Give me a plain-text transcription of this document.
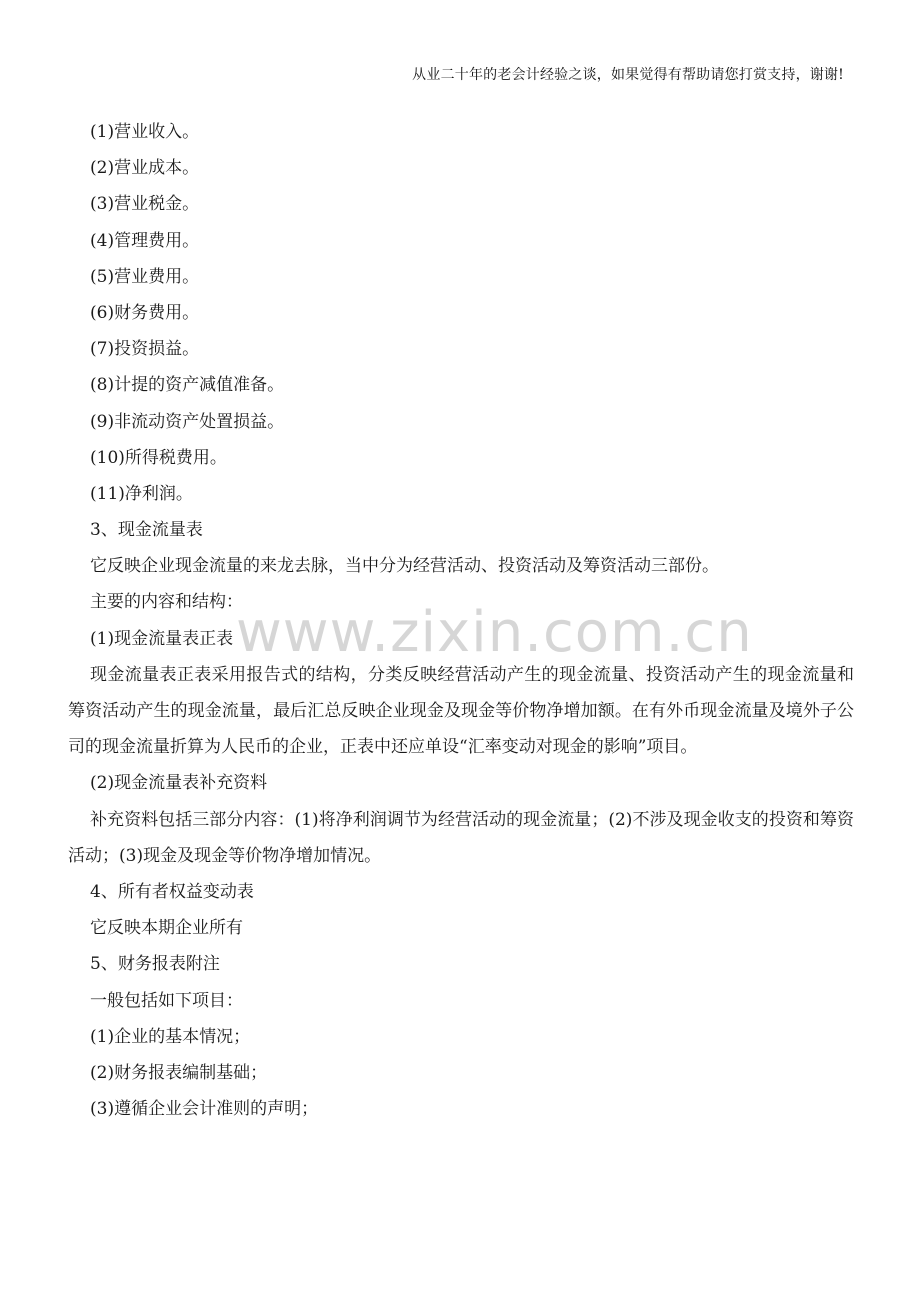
从业二十年的老会计经验之谈，如果觉得有帮助请您打赏支持，谢谢!
www.zixin.com.cn
(1)营业收入。
(2)营业成本。
(3)营业税金。
(4)管理费用。
(5)营业费用。
(6)财务费用。
(7)投资损益。
(8)计提的资产减值准备。
(9)非流动资产处置损益。
(10)所得税费用。
(11)净利润。
3、现金流量表
它反映企业现金流量的来龙去脉，当中分为经营活动、投资活动及筹资活动三部份。
主要的内容和结构：
(1)现金流量表正表
现金流量表正表采用报告式的结构，分类反映经营活动产生的现金流量、投资活动产生的现金流量和筹资活动产生的现金流量，最后汇总反映企业现金及现金等价物净增加额。在有外币现金流量及境外子公司的现金流量折算为人民币的企业，正表中还应单设“汇率变动对现金的影响”项目。
(2)现金流量表补充资料
补充资料包括三部分内容：(1)将净利润调节为经营活动的现金流量；(2)不涉及现金收支的投资和筹资活动；(3)现金及现金等价物净增加情况。
4、所有者权益变动表
它反映本期企业所有
5、财务报表附注
一般包括如下项目：
(1)企业的基本情况；
(2)财务报表编制基础；
(3)遵循企业会计准则的声明；
